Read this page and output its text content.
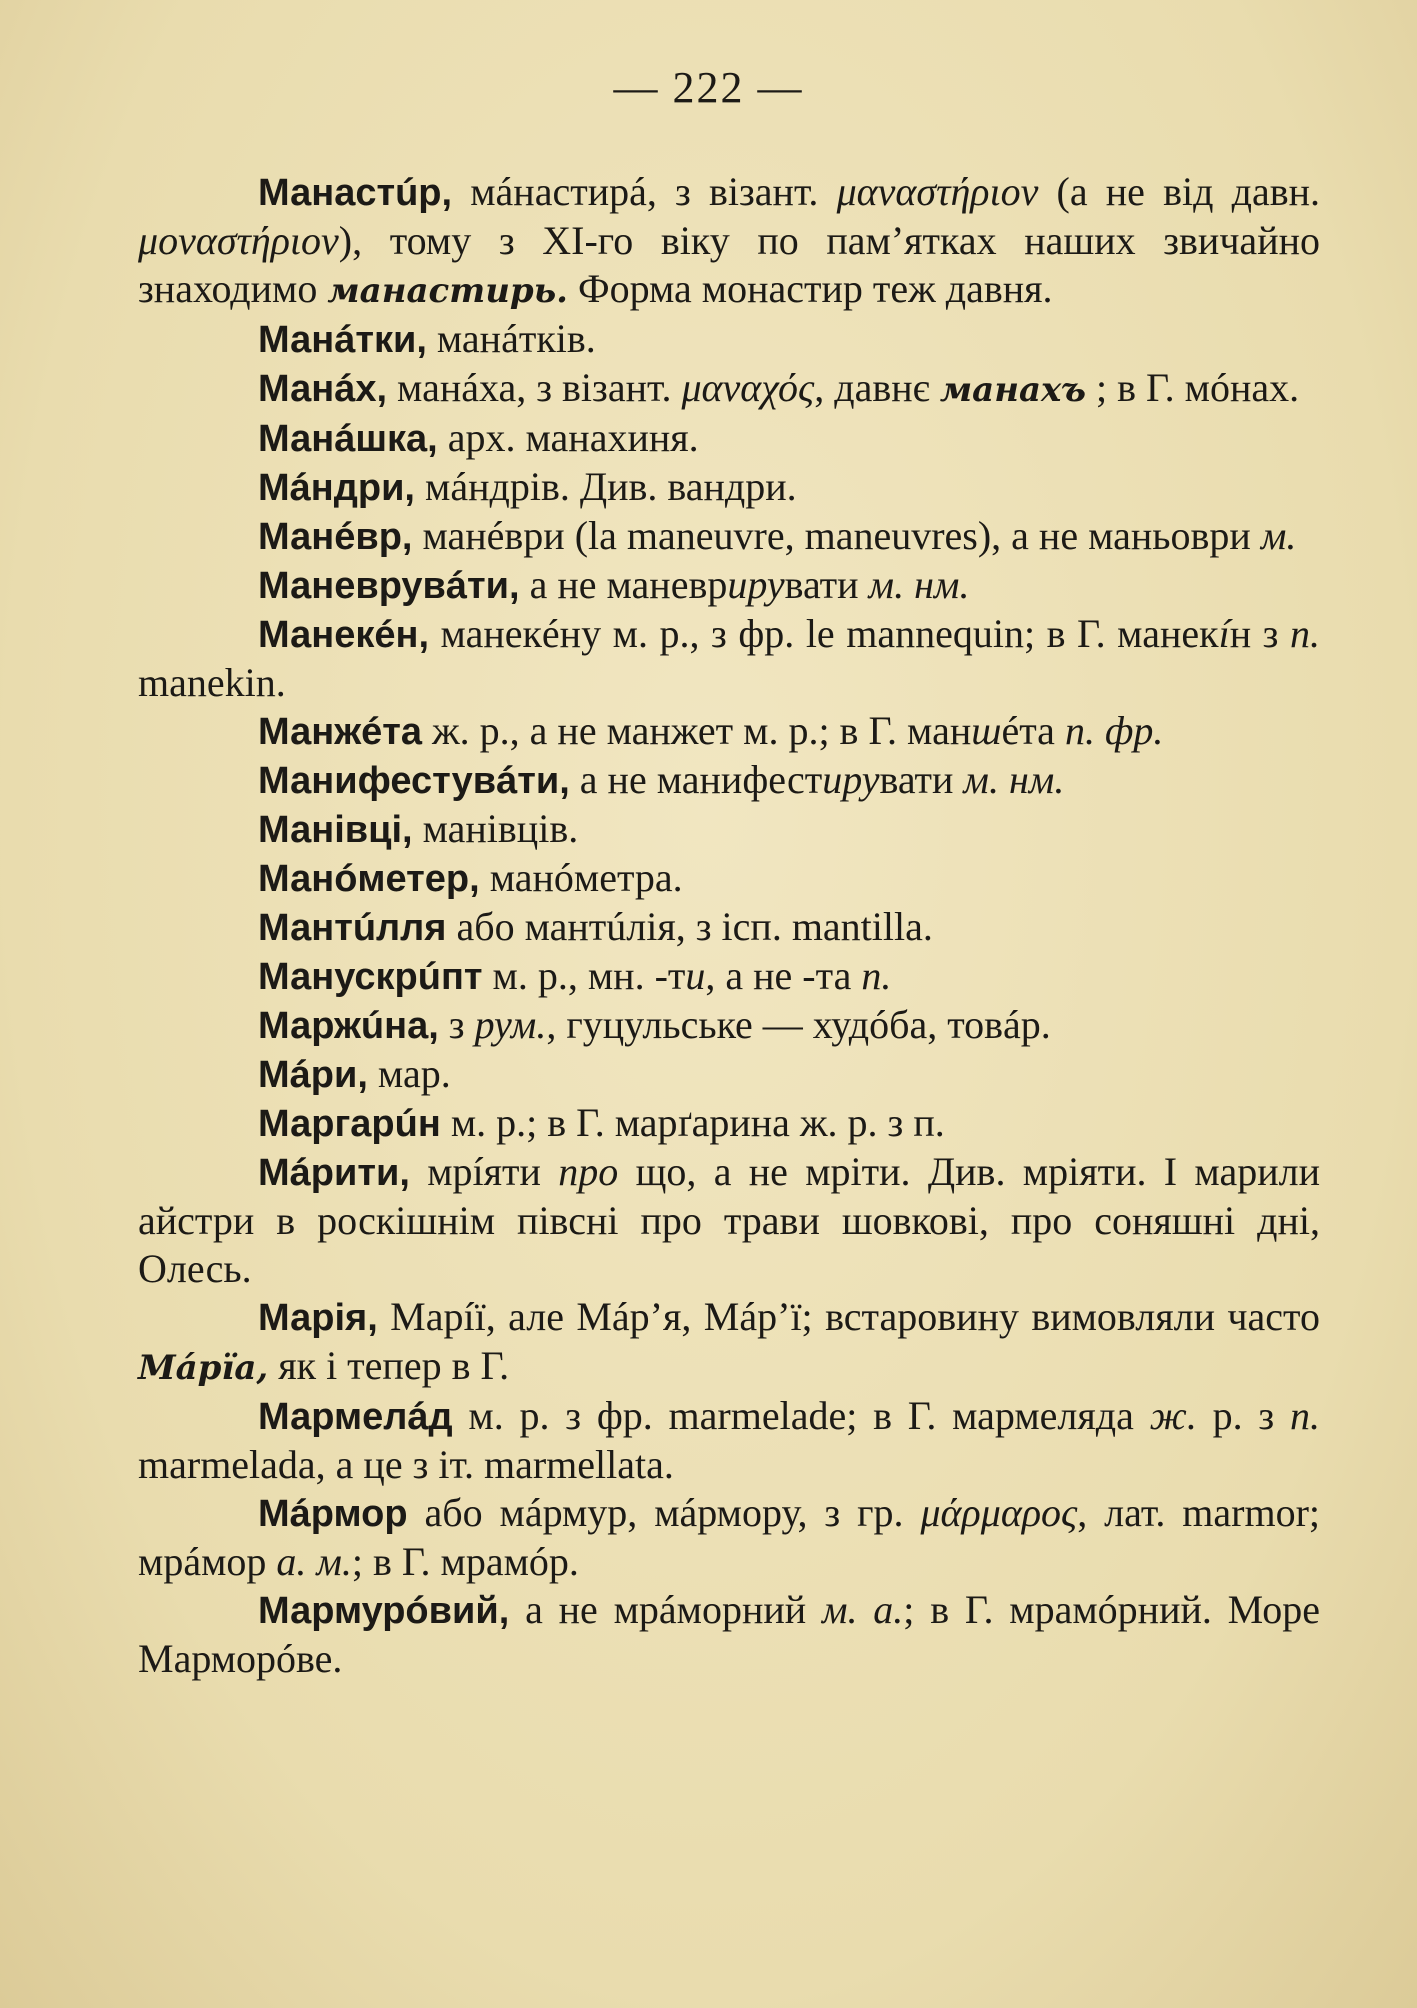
— 222 —

Манастúр, мáнастирá, з візант. μαναστήριον (а не від давн. μοναστήριον), тому з XI-го віку по пам’ятках наших звичайно знаходимо манастирь. Форма монастир теж давня.

Манáтки, манáтків.

Манáх, манáха, з візант. μαναχός, давнє манахъ ; в Г. мóнах.

Манáшка, арх. манахиня.

Мáндри, мáндрів. Див. вандри.

Манéвр, манéври (la maneuvre, maneuvres), а не маньоври м.

Маневрувáти, а не маневрирувати м. нм.

Манекéн, манекéну м. р., з фр. le mannequin; в Г. манекíн з п. manekin.

Манжéта ж. р., а не манжет м. р.; в Г. маншéта п. фр.

Манифестувáти, а не манифестирувати м. нм.

Манівці, манівців.

Манóметер, манóметра.

Мантúлля або мантúлія, з ісп. mantilla.

Манускрúпт м. р., мн. -ти, а не -та п.

Маржúна, з рум., гуцульське — худóба, товáр.

Мáри, мар.

Маргарúн м. р.; в Г. марґарина ж. р. з п.

Мáрити, мрíяти про що, а не мріти. Див. мріяти. І марили айстри в роскішнім півсні про трави шовкові, про соняшні дні, Олесь.

Марія, Марíї, але Мáр’я, Мáр’ї; встаровину вимовляли часто Мáрїа, як і тепер в Г.

Мармелáд м. р. з фр. marmelade; в Г. мармеляда ж. р. з п. marmelada, а це з іт. marmellata.

Мáрмор або мáрмур, мáрмору, з гр. μάρμαρος, лат. marmor; мрáмор а. м.; в Г. мрамóр.

Мармурóвий, а не мрáморний м. а.; в Г. мрамóрний. Море Марморóве.
